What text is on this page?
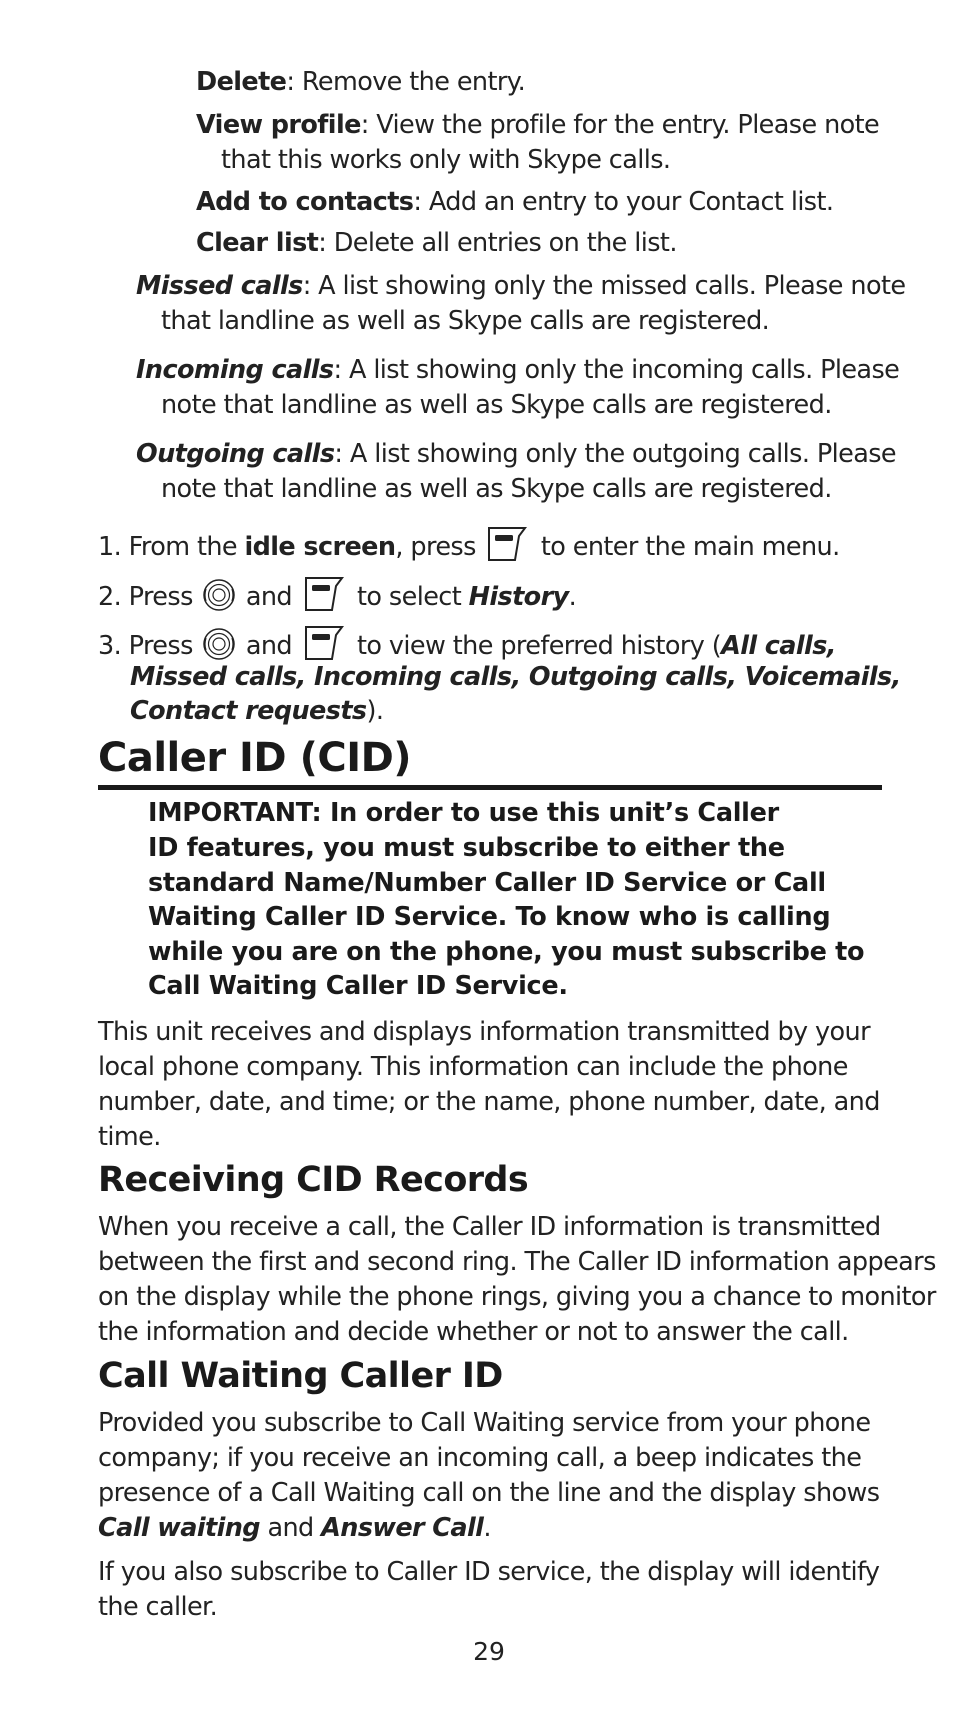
Delete: Remove the entry.
View profile: View the profile for the entry. Please note
that this works only with Skype calls.
Add to contacts: Add an entry to your Contact list.
Clear list: Delete all entries on the list.
Missed calls: A list showing only the missed calls. Please note
that landline as well as Skype calls are registered.
Incoming calls: A list showing only the incoming calls. Please
note that landline as well as Skype calls are registered.
Outgoing calls: A list showing only the outgoing calls. Please
note that landline as well as Skype calls are registered.
1. From the idle screen, press	to enter the main menu.
2. Press and	to select History.
3. Press and	to view the preferred history (All calls,
Missed calls, Incoming calls, Outgoing calls, Voicemails,
Contact requests).
Caller ID (CID)
IMPORTANT: In order to use this unit’s Caller
ID features, you must subscribe to either the
standard Name/Number Caller ID Service or Call
Waiting Caller ID Service. To know who is calling
while you are on the phone, you must subscribe to
Call Waiting Caller ID Service.
This unit receives and displays information transmitted by your
local phone company. This information can include the phone
number, date, and time; or the name, phone number, date, and
time.
Receiving CID Records
When you receive a call, the Caller ID information is transmitted
between the first and second ring. The Caller ID information appears
on the display while the phone rings, giving you a chance to monitor
the information and decide whether or not to answer the call.
Call Waiting Caller ID
Provided you subscribe to Call Waiting service from your phone
company; if you receive an incoming call, a beep indicates the
presence of a Call Waiting call on the line and the display shows
Call waiting and Answer Call.
If you also subscribe to Caller ID service, the display will identify
the caller.
29
